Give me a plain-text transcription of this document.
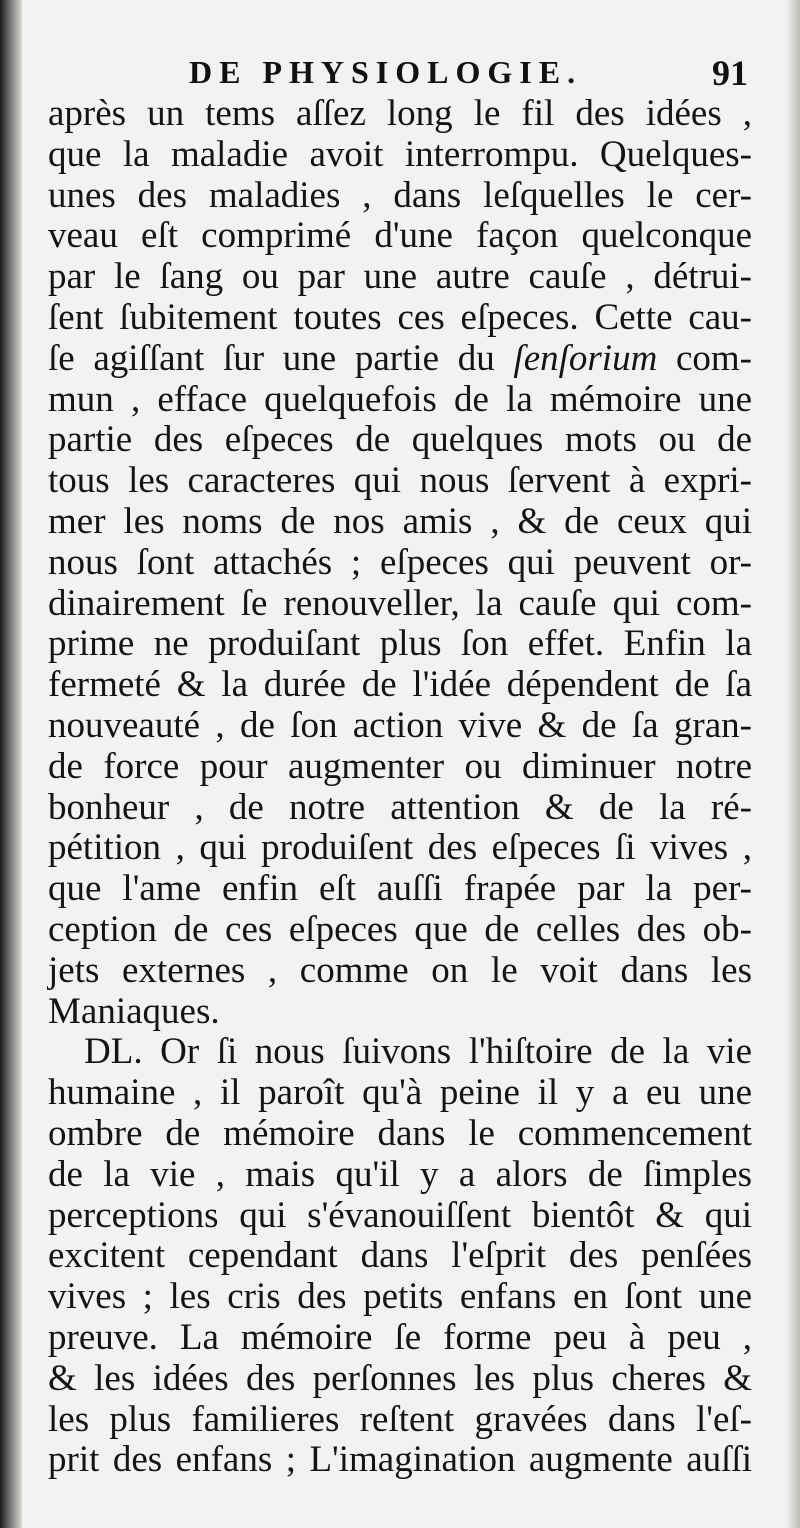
DE PHYSIOLOGIE.	91
après un tems aſſez long le fil des idées ,
que la maladie avoit interrompu. Quelques-
unes des maladies , dans leſquelles le cer-
veau eſt comprimé d'une façon quelconque
par le ſang ou par une autre cauſe , détrui-
ſent ſubitement toutes ces eſpeces. Cette cau-
ſe agiſſant ſur une partie du ſenſorium com-
mun , efface quelquefois de la mémoire une
partie des eſpeces de quelques mots ou de
tous les caracteres qui nous ſervent à expri-
mer les noms de nos amis , & de ceux qui
nous ſont attachés ; eſpeces qui peuvent or-
dinairement ſe renouveller, la cauſe qui com-
prime ne produiſant plus ſon effet. Enfin la
fermeté & la durée de l'idée dépendent de ſa
nouveauté , de ſon action vive & de ſa gran-
de force pour augmenter ou diminuer notre
bonheur , de notre attention & de la ré-
pétition , qui produiſent des eſpeces ſi vives ,
que l'ame enfin eſt auſſi frapée par la per-
ception de ces eſpeces que de celles des ob-
jets externes , comme on le voit dans les
Maniaques.
DL. Or ſi nous ſuivons l'hiſtoire de la vie
humaine , il paroît qu'à peine il y a eu une
ombre de mémoire dans le commencement
de la vie , mais qu'il y a alors de ſimples
perceptions qui s'évanouiſſent bientôt & qui
excitent cependant dans l'eſprit des penſées
vives ; les cris des petits enfans en ſont une
preuve. La mémoire ſe forme peu à peu ,
& les idées des perſonnes les plus cheres &
les plus familieres reſtent gravées dans l'eſ-
prit des enfans ; L'imagination augmente auſſi
